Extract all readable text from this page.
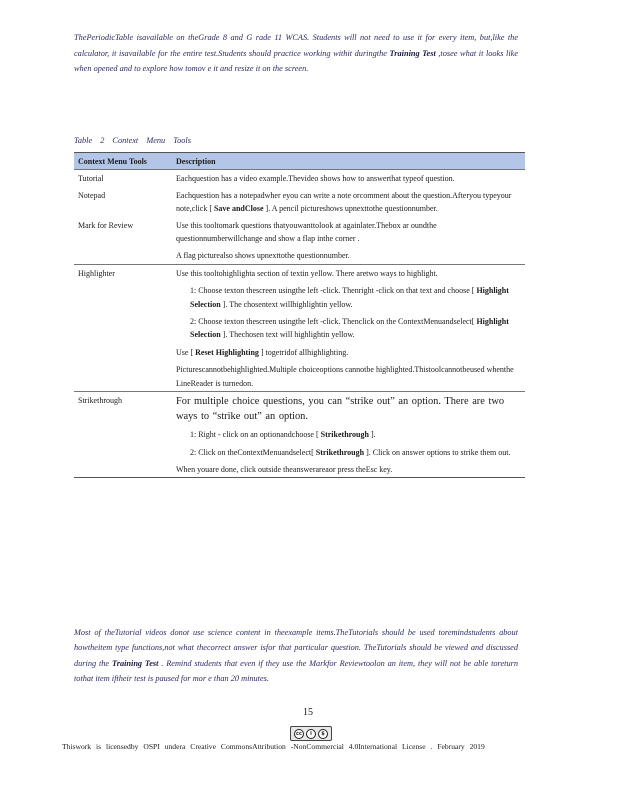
ThePeriodicTable isavailable on theGrade 8 and G rade 11 WCAS. Students will not need to use it for every item, but,like the calculator, it isavailable for the entire test.Students should practice working withit duringthe Training Test ,tosee what it looks like when opened and to explore how tomov e it and resize it on the screen.

Table 2 Context Menu Tools
Context Menu Tools	Description
Tutorial	Eachquestion has a video example.Thevideo shows how to answerthat typeof question.
Notepad	Eachquestion has a notepadwher eyou can write a note orcomment about the question.Afteryou typeyour note,click [ Save andClose ]. A pencil pictureshows upnexttothe questionnumber.
Mark for Review	Use this tooltomark questions thatyouwanttolook at againlater.Thebox ar oundthe questionnumberwillchange and show a flap inthe corner .
A flag picturealso shows upnexttothe questionnumber.

Highlighter	Use this tooltohighlighta section of textin yellow. There aretwo ways to highlight.
1: Choose texton thescreen usingthe left -click. Thenright -click on that text and choose [ Highlight Selection ]. The chosentext willhighlightin yellow.
2: Choose texton thescreen usingthe left -click. Thenclick on the ContextMenuandselect[ Highlight Selection ]. Thechosen text will highlightin yellow.
Use [ Reset Highlighting ] togetridof allhighlighting.
Picturescannotbehighlighted.Multiple choiceoptions cannotbe highlighted.Thistoolcannotbeused whenthe LineReader is turnedon.

Strikethrough	For multiple choice questions, you can “strike out” an option. There are two ways to “strike out” an option.
1: Right - click on an optionandchoose [ Strikethrough ].
2: Click on theContextMenuandselect[ Strikethrough ]. Click on answer options to strike them out.
When youare done, click outside theanswerareaor press theEsc key.

Most of theTutorial videos donot use science content in theexample items.TheTutorials should be used toremindstudents about howtheitem type functions,not what thecorrect answer isfor that particular question. TheTutorials should be viewed and discussed during the Training Test . Remind students that even if they use the Markfor Reviewtoolon an item, they will not be able toreturn tothat item iftheir test is paused for mor e than 20 minutes.

15
cc	i	$
Thiswork is licensedby OSPI undera Creative CommonsAttribution -NonCommercial 4.0International License . February 2019
